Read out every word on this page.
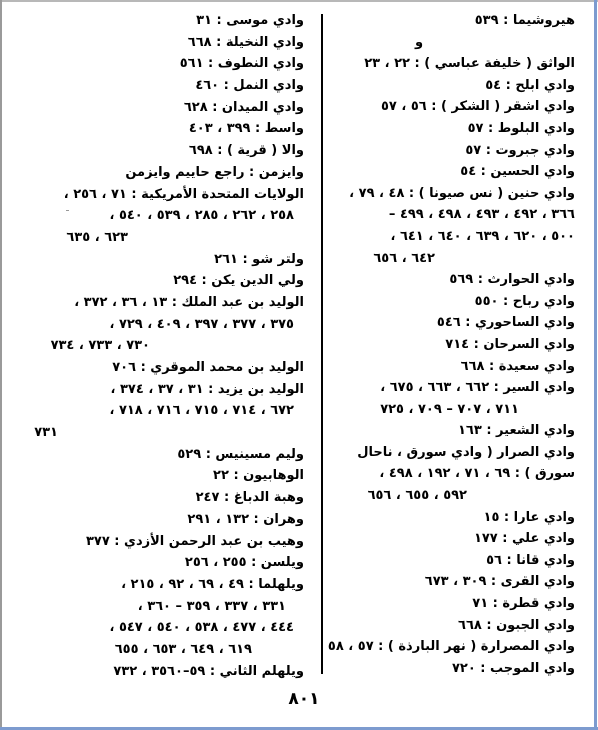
هيروشيما : ٥٣٩
و
الواثق ( خليفة عباسي ) : ٢٢ ، ٢٣
وادي ابلح : ٥٤
وادي اشقر ( الشكر ) : ٥٦ ، ٥٧
وادي البلوط : ٥٧
وادي جبروت : ٥٧
وادي الحسين : ٥٤
وادي حنين ( نس صيونا ) : ٤٨ ، ٧٩ ،
٣٦٦ ، ٤٩٢ ، ٤٩٣ ، ٤٩٨ ، ٤٩٩ –
٥٠٠ ، ٦٢٠ ، ٦٣٩ ، ٦٤٠ ، ٦٤١ ،
٦٤٢ ، ٦٥٦
وادي الحوارث : ٥٦٩
وادي رباح : ٥٥٠
وادي الساحوري : ٥٤٦
وادي السرحان : ٧١٤
وادي سعيدة : ٦٦٨
وادي السير : ٦٦٢ ، ٦٦٣ ، ٦٧٥ ،
٧١١ ، ٧٠٧ – ٧٠٩ ، ٧٢٥
وادي الشعير : ١٦٣
وادي الصرار ( وادي سورق ، ناحال
سورق ) : ٦٩ ، ٧١ ، ١٩٢ ، ٤٩٨ ،
٥٩٢ ، ٦٥٥ ، ٦٥٦
وادي عارا : ١٥
وادي علي : ١٧٧
وادي قانا : ٥٦
وادي القرى : ٣٠٩ ، ٦٧٣
وادي قطرة : ٧١
وادي الجبون : ٦٦٨
وادي المصرارة ( نهر البارذة ) : ٥٧ ، ٥٨
وادي الموجب : ٧٢٠
وادي موسى : ٣١
وادي النخيلة : ٦٦٨
وادي النطوف : ٥٦١
وادي النمل : ٤٦٠
وادي الميدان : ٦٢٨
واسط : ٣٩٩ ، ٤٠٣
والا ( قرية ) : ٦٩٨
وايزمن : راجع حاييم وايزمن
الولايات المتحدة الأمريكية : ٧١ ، ٢٥٦ ،
٢٥٨ ، ٢٦٢ ، ٢٨٥ ، ٥٣٩ ، ٥٤٠ ،
٦٢٣ ، ٦٣٥
ولتر شو : ٢٦١
ولي الدين يكن : ٢٩٤
الوليد بن عبد الملك : ١٣ ، ٣٦ ، ٣٧٢ ،
٣٧٥ ، ٣٧٧ ، ٣٩٧ ، ٤٠٩ ، ٧٢٩ ،
٧٣٠ ، ٧٣٣ ، ٧٣٤
الوليد بن محمد الموقري : ٧٠٦
الوليد بن يزيد : ٣١ ، ٣٧ ، ٣٧٤ ،
٦٧٢ ، ٧١٤ ، ٧١٥ ، ٧١٦ ، ٧١٨ ،
٧٣١
وليم مسينيس : ٥٢٩
الوهابيون : ٢٢
وهبة الدباغ : ٢٤٧
وهران : ١٣٢ ، ٢٩١
وهيب بن عبد الرحمن الأزدي : ٣٧٧
ويلسن : ٢٥٥ ، ٢٥٦
ويلهلما : ٤٩ ، ٦٩ ، ٩٢ ، ٢١٥ ،
٣٣١ ، ٣٣٧ ، ٣٥٩ – ٣٦٠ ،
٤٤٤ ، ٤٧٧ ، ٥٣٨ ، ٥٤٠ ، ٥٤٧ ،
٦١٩ ، ٦٤٩ ، ٦٥٣ ، ٦٥٥
ويلهلم الثاني : ٥٩–٣٥٦٠ ، ٧٣٢
٨٠١
